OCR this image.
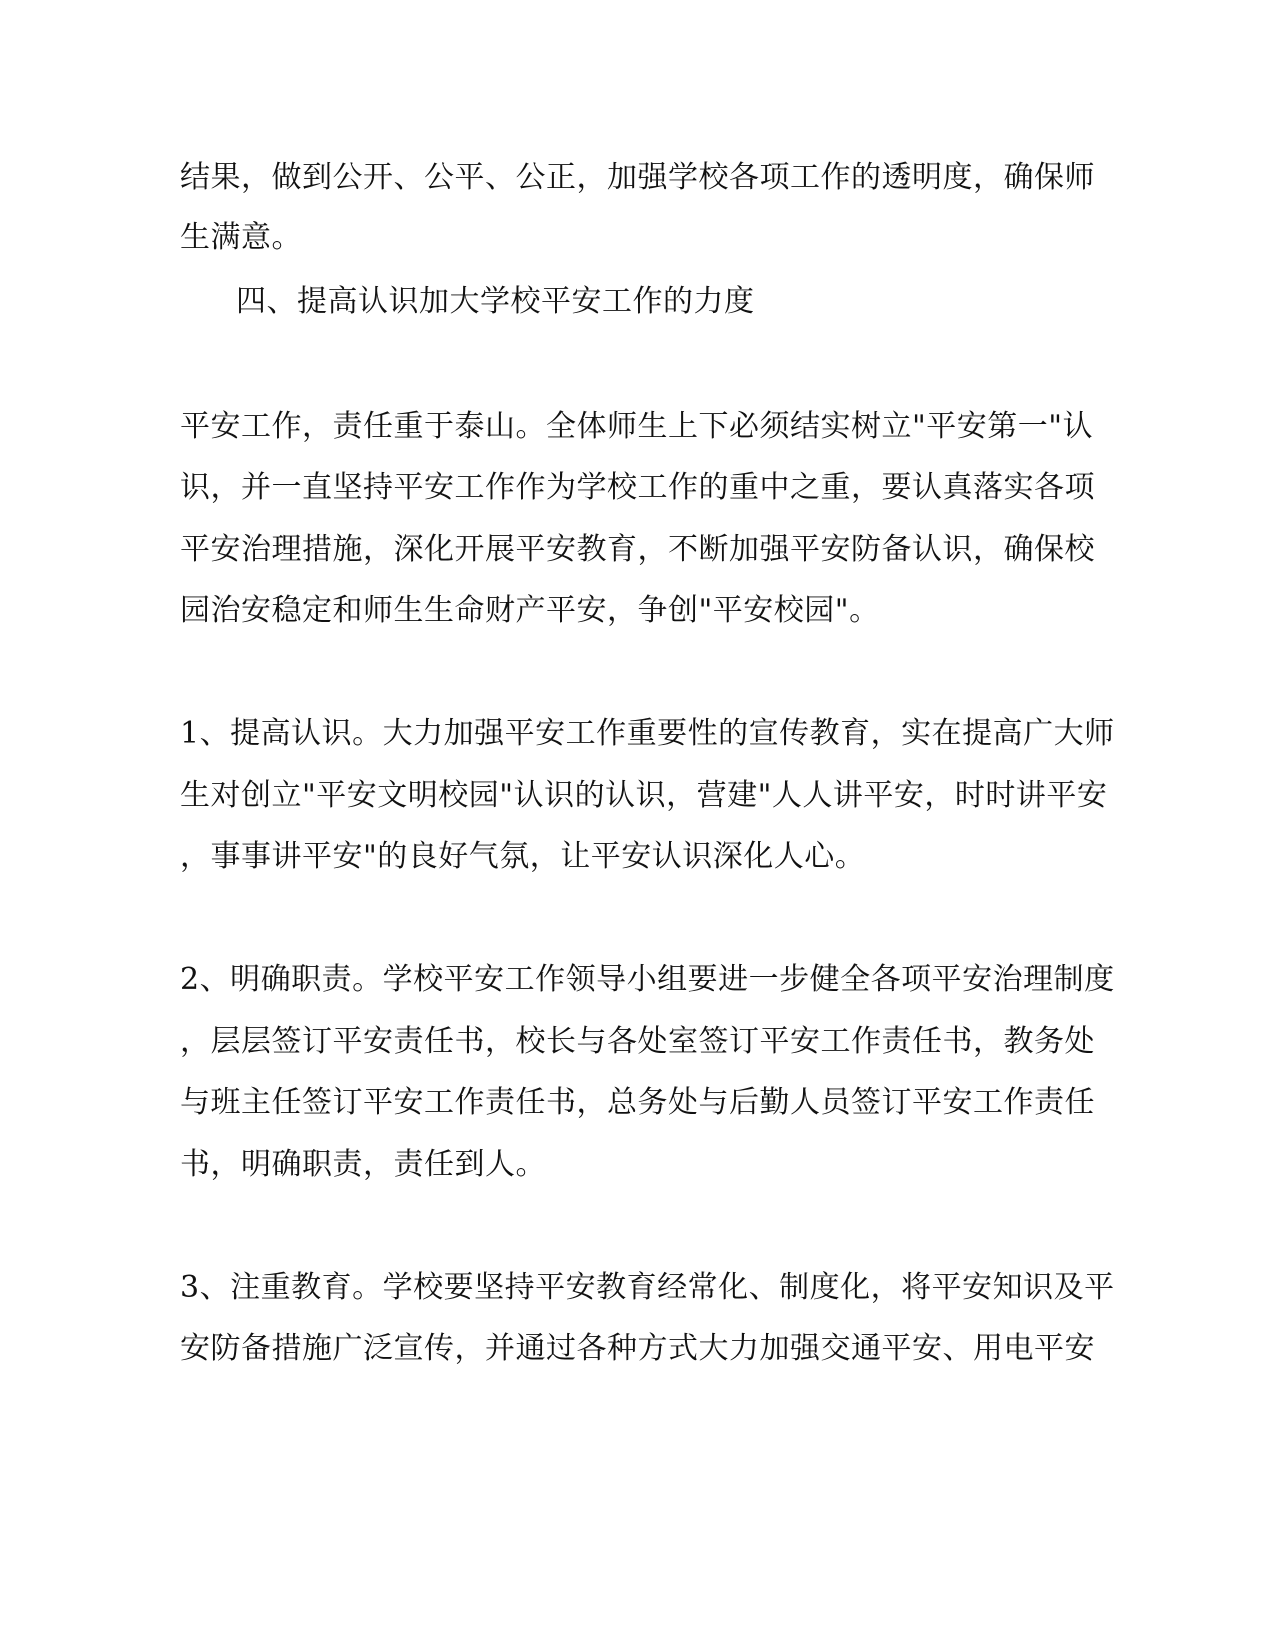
结果，做到公开、公平、公正，加强学校各项工作的透明度，确保师
生满意。
四、提高认识加大学校平安工作的力度
平安工作，责任重于泰山。全体师生上下必须结实树立"平安第一"认
识，并一直坚持平安工作作为学校工作的重中之重，要认真落实各项
平安治理措施，深化开展平安教育，不断加强平安防备认识，确保校
园治安稳定和师生生命财产平安，争创"平安校园"。
1、提高认识。大力加强平安工作重要性的宣传教育，实在提高广大师
生对创立"平安文明校园"认识的认识，营建"人人讲平安，时时讲平安
，事事讲平安"的良好气氛，让平安认识深化人心。
2、明确职责。学校平安工作领导小组要进一步健全各项平安治理制度
，层层签订平安责任书，校长与各处室签订平安工作责任书，教务处
与班主任签订平安工作责任书，总务处与后勤人员签订平安工作责任
书，明确职责，责任到人。
3、注重教育。学校要坚持平安教育经常化、制度化，将平安知识及平
安防备措施广泛宣传，并通过各种方式大力加强交通平安、用电平安
